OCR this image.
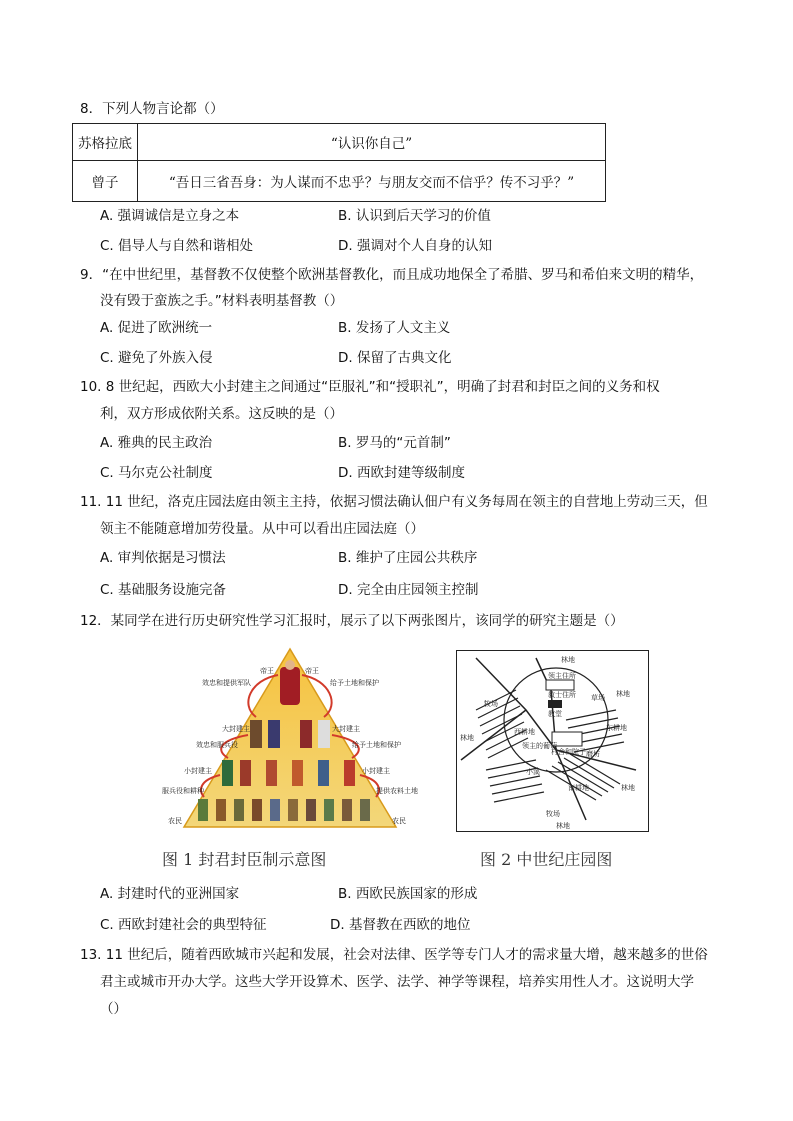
8．下列人物言论都（）
苏格拉底	“认识你自己”
曾子	“吾日三省吾身：为人谋而不忠乎？与朋友交而不信乎？传不习乎？”
A. 强调诚信是立身之本	B. 认识到后天学习的价值
C. 倡导人与自然和谐相处	D. 强调对个人自身的认知
9．“在中世纪里，基督教不仅使整个欧洲基督教化，而且成功地保全了希腊、罗马和希伯来文明的精华，
没有毁于蛮族之手。”材料表明基督教（）
A. 促进了欧洲统一	B. 发扬了人文主义
C. 避免了外族入侵	D. 保留了古典文化
10. 8 世纪起，西欧大小封建主之间通过“臣服礼”和“授职礼”，明确了封君和封臣之间的义务和权
利，双方形成依附关系。这反映的是（）
A. 雅典的民主政治	B. 罗马的“元首制”
C. 马尔克公社制度	D. 西欧封建等级制度
11. 11 世纪，洛克庄园法庭由领主主持，依据习惯法确认佃户有义务每周在领主的自营地上劳动三天，但
领主不能随意增加劳役量。从中可以看出庄园法庭（）
A. 审判依据是习惯法	B. 维护了庄园公共秩序
C. 基础服务设施完备	D. 完全由庄园领主控制
12．某同学在进行历史研究性学习汇报时，展示了以下两张图片，该同学的研究主题是（）
帝王	帝王
效忠和提供军队	给予土地和保护
大封建主	大封建主
效忠和服兵役	给予土地和保护
小封建主	小封建主
服兵役和耕种	提供农料土地
农民	农民
图 1 封君封臣制示意图
林地
林地
林地
林地
林地
领主住所
教士住所
教堂
牧场
草场
西耕地	东耕地
村舍和院子 磨坊
小溪
南耕地
牧场
领主的葡萄
图 2 中世纪庄园图
A. 封建时代的亚洲国家	B. 西欧民族国家的形成
C. 西欧封建社会的典型特征	D. 基督教在西欧的地位
13. 11 世纪后，随着西欧城市兴起和发展，社会对法律、医学等专门人才的需求量大增，越来越多的世俗
君主或城市开办大学。这些大学开设算术、医学、法学、神学等课程，培养实用性人才。这说明大学
（）
